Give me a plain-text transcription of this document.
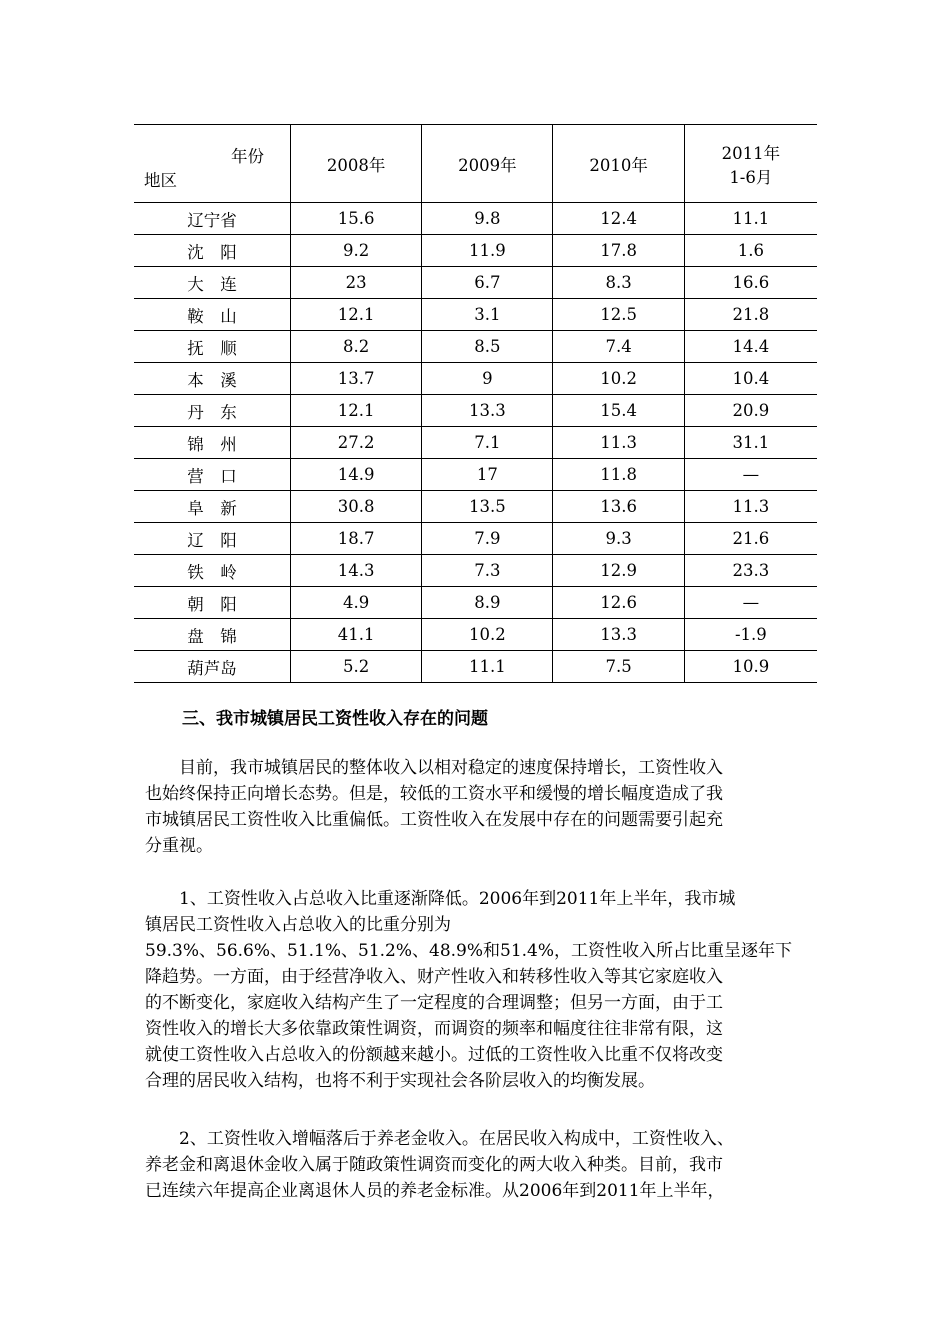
年份
地区	2008年	2009年	2010年	2011年
1-6月
辽宁省	15.6	9.8	12.4	11.1
沈　阳	9.2	11.9	17.8	1.6
大　连	23	6.7	8.3	16.6
鞍　山	12.1	3.1	12.5	21.8
抚　顺	8.2	8.5	7.4	14.4
本　溪	13.7	9	10.2	10.4
丹　东	12.1	13.3	15.4	20.9
锦　州	27.2	7.1	11.3	31.1
营　口	14.9	17	11.8	—
阜　新	30.8	13.5	13.6	11.3
辽　阳	18.7	7.9	9.3	21.6
铁　岭	14.3	7.3	12.9	23.3
朝　阳	4.9	8.9	12.6	—
盘　锦	41.1	10.2	13.3	-1.9
葫芦岛	5.2	11.1	7.5	10.9
三、我市城镇居民工资性收入存在的问题

目前，我市城镇居民的整体收入以相对稳定的速度保持增长，工资性收入
也始终保持正向增长态势。但是，较低的工资水平和缓慢的增长幅度造成了我
市城镇居民工资性收入比重偏低。工资性收入在发展中存在的问题需要引起充
分重视。

1、工资性收入占总收入比重逐渐降低。2006年到2011年上半年，我市城
镇居民工资性收入占总收入的比重分别为
59.3%、56.6%、51.1%、51.2%、48.9%和51.4%，工资性收入所占比重呈逐年下
降趋势。一方面，由于经营净收入、财产性收入和转移性收入等其它家庭收入
的不断变化，家庭收入结构产生了一定程度的合理调整；但另一方面，由于工
资性收入的增长大多依靠政策性调资，而调资的频率和幅度往往非常有限，这
就使工资性收入占总收入的份额越来越小。过低的工资性收入比重不仅将改变
合理的居民收入结构，也将不利于实现社会各阶层收入的均衡发展。

2、工资性收入增幅落后于养老金收入。在居民收入构成中，工资性收入、
养老金和离退休金收入属于随政策性调资而变化的两大收入种类。目前，我市
已连续六年提高企业离退休人员的养老金标准。从2006年到2011年上半年，
